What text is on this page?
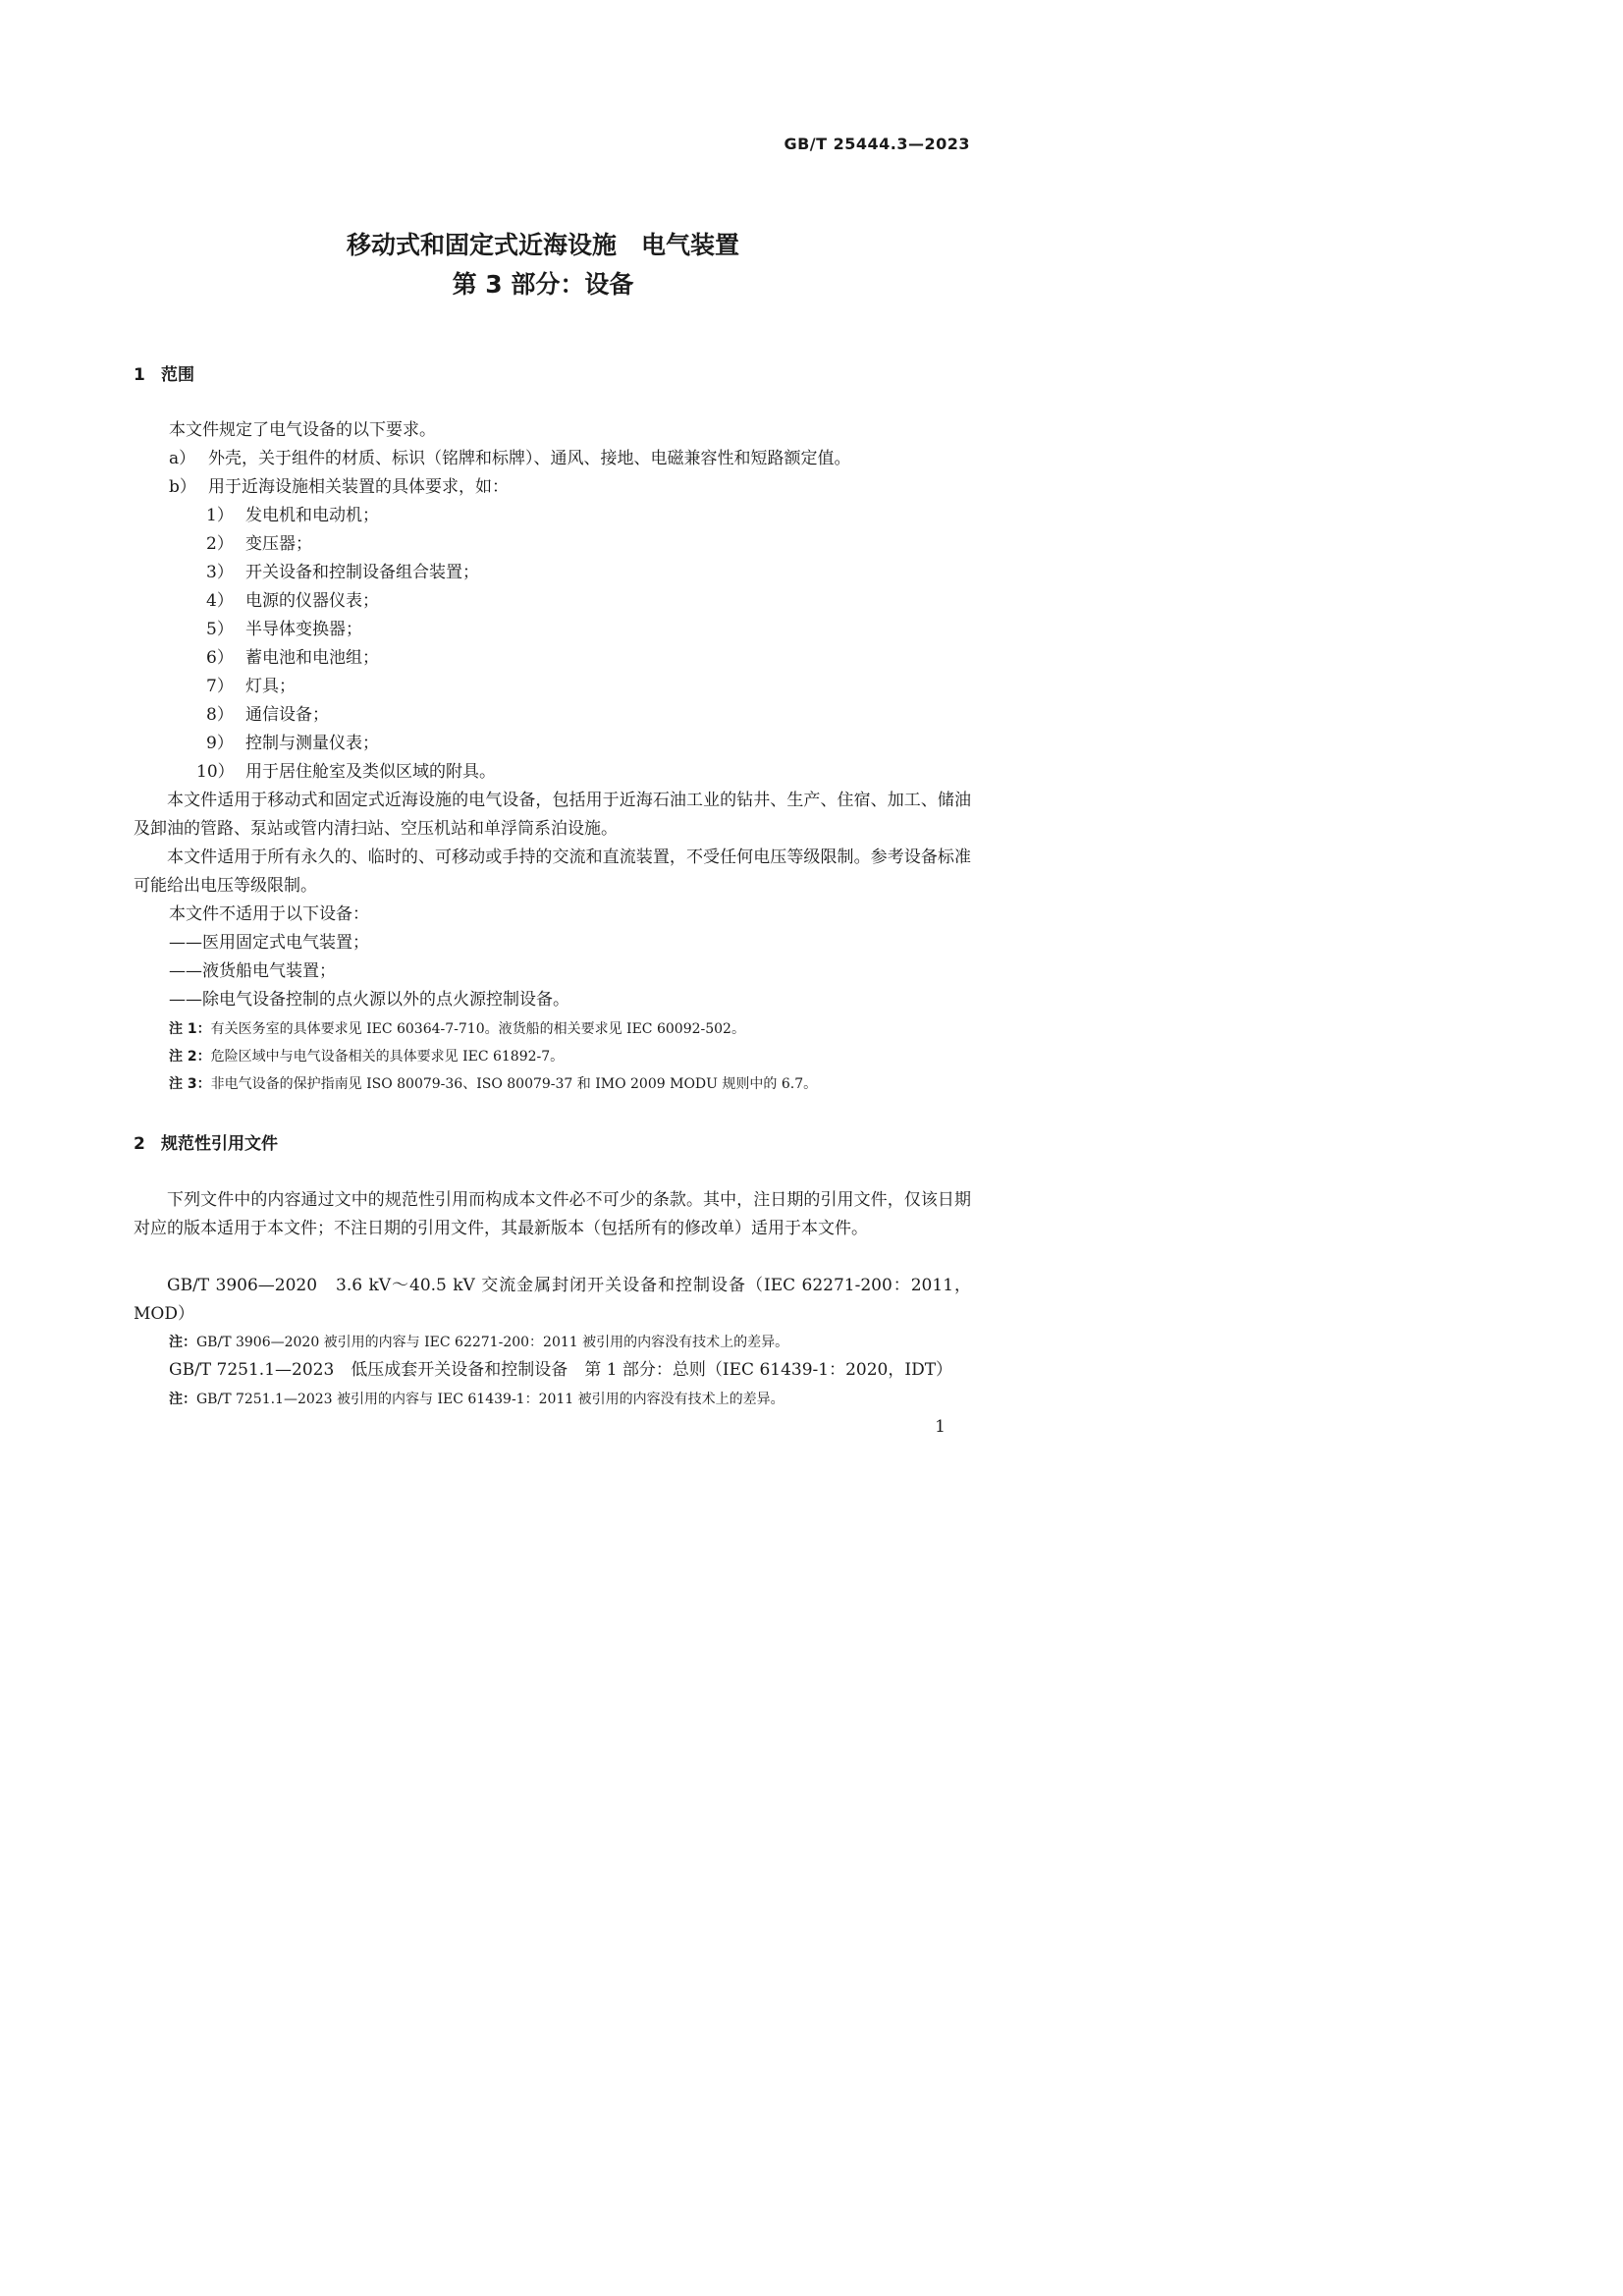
GB/T 25444.3—2023
移动式和固定式近海设施　电气装置
第 3 部分：设备
1 范围
本文件规定了电气设备的以下要求。
a） 外壳，关于组件的材质、标识（铭牌和标牌）、通风、接地、电磁兼容性和短路额定值。
b） 用于近海设施相关装置的具体要求，如：
1） 发电机和电动机；
2） 变压器；
3） 开关设备和控制设备组合装置；
4） 电源的仪器仪表；
5） 半导体变换器；
6） 蓄电池和电池组；
7） 灯具；
8） 通信设备；
9） 控制与测量仪表；
10） 用于居住舱室及类似区域的附具。
本文件适用于移动式和固定式近海设施的电气设备，包括用于近海石油工业的钻井、生产、住宿、加工、储油及卸油的管路、泵站或管内清扫站、空压机站和单浮筒系泊设施。
本文件适用于所有永久的、临时的、可移动或手持的交流和直流装置，不受任何电压等级限制。参考设备标准可能给出电压等级限制。
本文件不适用于以下设备：
——医用固定式电气装置；
——液货船电气装置；
——除电气设备控制的点火源以外的点火源控制设备。
注 1：有关医务室的具体要求见 IEC 60364-7-710。液货船的相关要求见 IEC 60092-502。
注 2：危险区域中与电气设备相关的具体要求见 IEC 61892-7。
注 3：非电气设备的保护指南见 ISO 80079-36、ISO 80079-37 和 IMO 2009 MODU 规则中的 6.7。
2 规范性引用文件
下列文件中的内容通过文中的规范性引用而构成本文件必不可少的条款。其中，注日期的引用文件，仅该日期对应的版本适用于本文件；不注日期的引用文件，其最新版本（包括所有的修改单）适用于本文件。
GB/T 3906—2020　3.6 kV～40.5 kV 交流金属封闭开关设备和控制设备（IEC 62271-200：2011，MOD）
注：GB/T 3906—2020 被引用的内容与 IEC 62271-200：2011 被引用的内容没有技术上的差异。
GB/T 7251.1—2023　低压成套开关设备和控制设备　第 1 部分：总则（IEC 61439-1：2020，IDT）
注：GB/T 7251.1—2023 被引用的内容与 IEC 61439-1：2011 被引用的内容没有技术上的差异。
1
